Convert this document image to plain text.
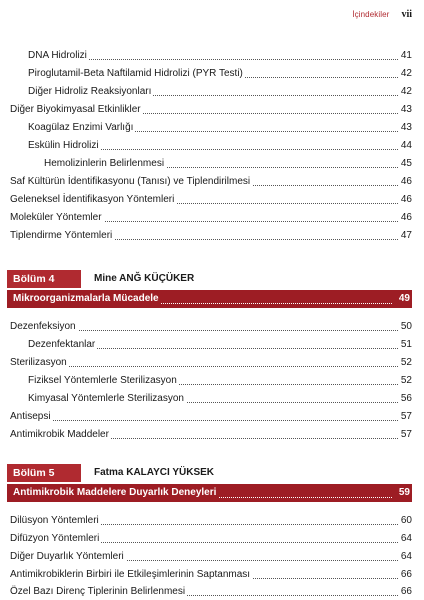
İçindekiler vii
DNA Hidrolizi	41
Piroglutamil-Beta Naftilamid Hidrolizi (PYR Testi)	42
Diğer Hidroliz Reaksiyonları	42
Diğer Biyokimyasal Etkinlikler	43
Koagülaz Enzimi Varlığı	43
Eskülin Hidrolizi	44
Hemolizinlerin Belirlenmesi	45
Saf Kültürün İdentifikasyonu (Tanısı) ve Tiplendirilmesi	46
Geleneksel İdentifikasyon Yöntemleri	46
Moleküler Yöntemler	46
Tiplendirme Yöntemleri	47
Bölüm 4	Mine ANĞ KÜÇÜKER
Mikroorganizmalarla Mücadele	49
Dezenfeksiyon	50
Dezenfektanlar	51
Sterilizasyon	52
Fiziksel Yöntemlerle Sterilizasyon	52
Kimyasal Yöntemlerle Sterilizasyon	56
Antisepsi	57
Antimikrobik Maddeler	57
Bölüm 5	Fatma KALAYCI YÜKSEK
Antimikrobik Maddelere Duyarlık Deneyleri	59
Dilüsyon Yöntemleri	60
Difüzyon Yöntemleri	64
Diğer Duyarlık Yöntemleri	64
Antimikrobiklerin Birbiri ile Etkileşimlerinin Saptanması	66
Özel Bazı Direnç Tiplerinin Belirlenmesi	66
